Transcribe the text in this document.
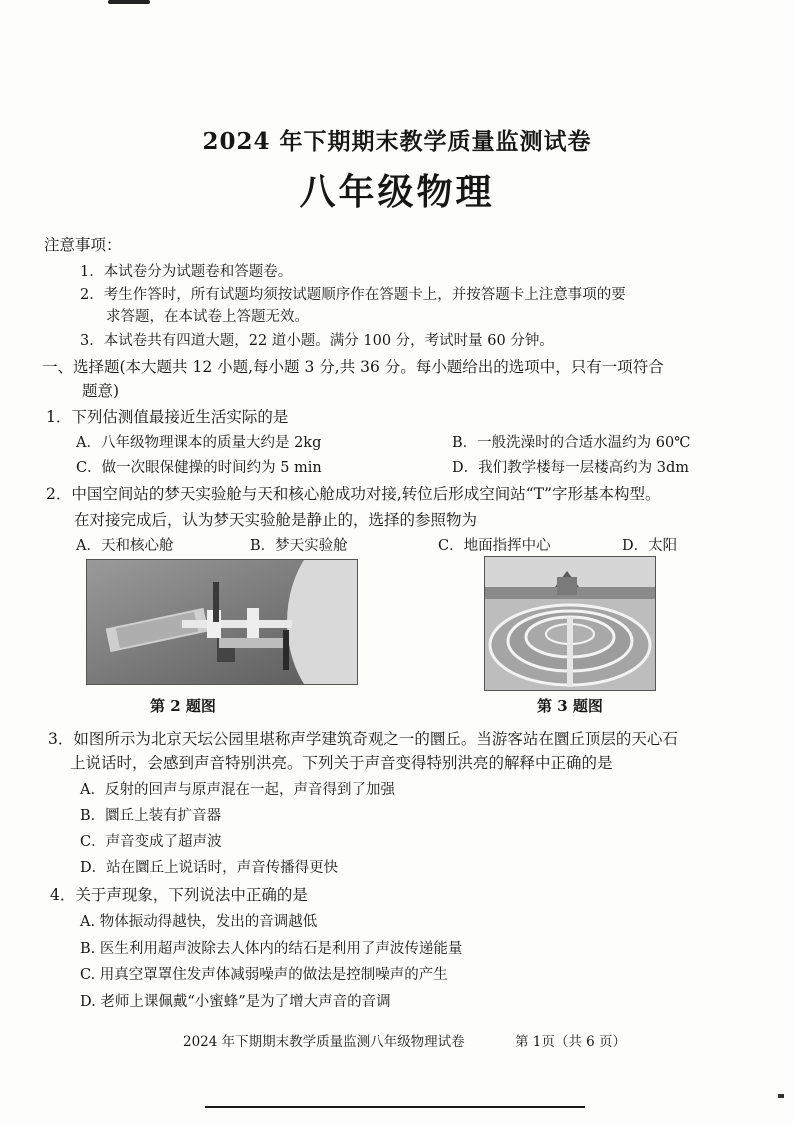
2024 年下期期末教学质量监测试卷
八年级物理
注意事项：
1．本试卷分为试题卷和答题卷。
2．考生作答时，所有试题均须按试题顺序作在答题卡上，并按答题卡上注意事项的要
求答题，在本试卷上答题无效。
3．本试卷共有四道大题，22 道小题。满分 100 分，考试时量 60 分钟。
一、选择题(本大题共 12 小题,每小题 3 分,共 36 分。每小题给出的选项中，只有一项符合
题意)
1．下列估测值最接近生活实际的是
A．八年级物理课本的质量大约是 2kg	B．一般洗澡时的合适水温约为 60℃
C．做一次眼保健操的时间约为 5 min	D．我们教学楼每一层楼高约为 3dm
2．中国空间站的梦天实验舱与天和核心舱成功对接,转位后形成空间站“T”字形基本构型。
在对接完成后，认为梦天实验舱是静止的，选择的参照物为
A．天和核心舱	B．梦天实验舱	C．地面指挥中心	D．太阳
第 2 题图	第 3 题图
3．如图所示为北京天坛公园里堪称声学建筑奇观之一的圜丘。当游客站在圜丘顶层的天心石
上说话时，会感到声音特别洪亮。下列关于声音变得特别洪亮的解释中正确的是
A．反射的回声与原声混在一起，声音得到了加强
B．圜丘上装有扩音器
C．声音变成了超声波
D．站在圜丘上说话时，声音传播得更快
4．关于声现象，下列说法中正确的是
A. 物体振动得越快，发出的音调越低
B. 医生利用超声波除去人体内的结石是利用了声波传递能量
C. 用真空罩罩住发声体减弱噪声的做法是控制噪声的产生
D. 老师上课佩戴“小蜜蜂”是为了增大声音的音调
2024 年下期期末教学质量监测八年级物理试卷	第 1页（共 6 页）
